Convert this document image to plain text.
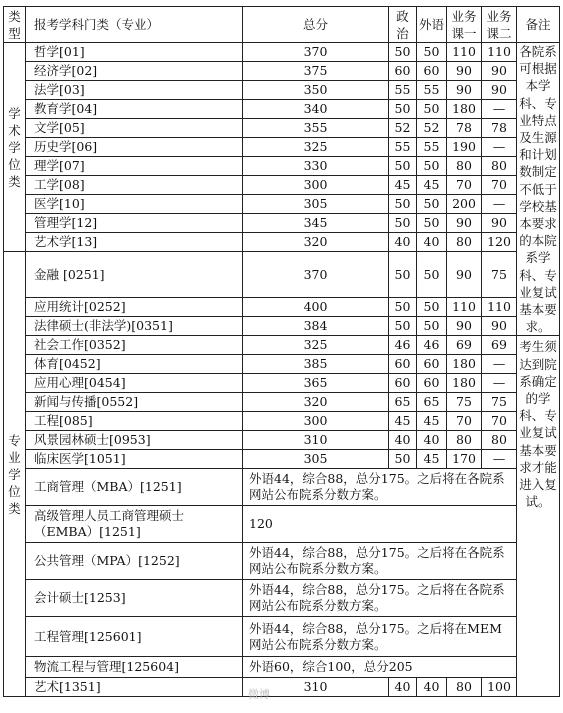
类型	报考学科门类（专业）	总分	政治	外语	业务课一	业务课二	备注
学术学位类	哲学[01]	370	50	50	110	110	各院系可根据本学科、专业特点及生源和计划数制定不低于学校基本要求的本院系学科、专业复试基本要求。
	经济学[02]	375	60	60	90	90	
	法学[03]	350	55	55	90	90	
	教育学[04]	340	50	50	180	—	
	文学[05]	355	52	52	78	78	
	历史学[06]	325	55	55	190	—	
	理学[07]	330	50	50	80	80	
	工学[08]	300	45	45	70	70	
	医学[10]	305	50	50	200	—	
	管理学[12]	345	50	50	90	90	
	艺术学[13]	320	40	40	80	120	
专业学位类	金融 [0251]	370	50	50	90	75	
	应用统计[0252]	400	50	50	110	110	
	法律硕士(非法学)[0351]	384	50	50	90	90	
	社会工作[0352]	325	46	46	69	69	考生须达到院系确定的学科、专业复试基本要求才能进入复试。
	体育[0452]	385	60	60	180	—	
	应用心理[0454]	365	60	60	180	—	
	新闻与传播[0552]	320	65	65	75	75	
	工程[085]	300	45	45	70	70	
	风景园林硕士[0953]	310	40	40	80	80	
	临床医学[1051]	305	50	45	170	—	
	工商管理（MBA）[1251]	外语44，综合88，总分175。之后将在各院系网站公布院系分数方案。					
	高级管理人员工商管理硕士（EMBA）[1251]	120					
	公共管理（MPA）[1252]	外语44，综合88，总分175。之后将在各院系网站公布院系分数方案。					
	会计硕士[1253]	外语44，综合88，总分175。之后将在各院系网站公布院系分数方案。					
	工程管理[125601]	外语44，综合88，总分175。之后将在MEM网站公布院系分数方案。					
	物流工程与管理[125604]	外语60，综合100，总分205					
	艺术[1351]	310	40	40	80	100	
微博
